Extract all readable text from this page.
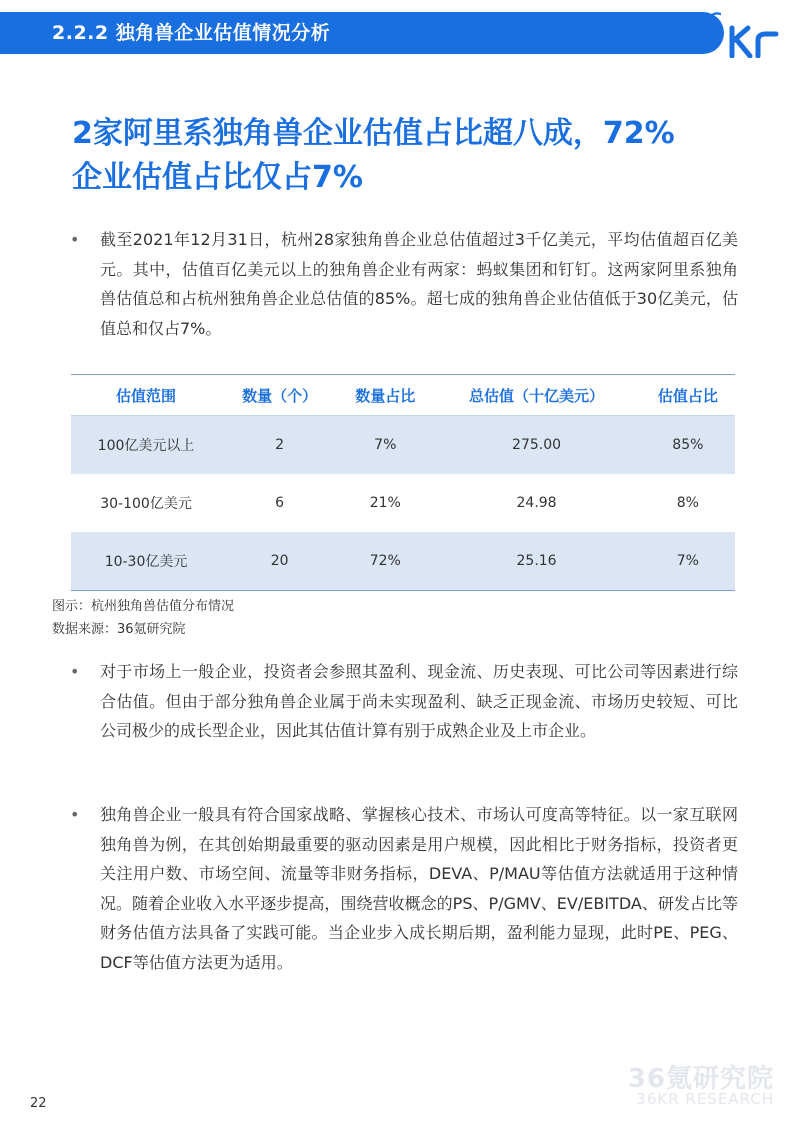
2.2.2 独角兽企业估值情况分析	36
2家阿里系独角兽企业估值占比超八成，72%
企业估值占比仅占7%
• 截至2021年12月31日，杭州28家独角兽企业总估值超过3千亿美元，平均估值超百亿美元。其中，估值百亿美元以上的独角兽企业有两家：蚂蚁集团和钉钉。这两家阿里系独角兽估值总和占杭州独角兽企业总估值的85%。超七成的独角兽企业估值低于30亿美元，估值总和仅占7%。
估值范围	数量（个）	数量占比	总估值（十亿美元）	估值占比
100亿美元以上	2	7%	275.00	85%
30-100亿美元	6	21%	24.98	8%
10-30亿美元	20	72%	25.16	7%
图示：杭州独角兽估值分布情况
数据来源：36氪研究院
• 对于市场上一般企业，投资者会参照其盈利、现金流、历史表现、可比公司等因素进行综合估值。但由于部分独角兽企业属于尚未实现盈利、缺乏正现金流、市场历史较短、可比公司极少的成长型企业，因此其估值计算有别于成熟企业及上市企业。
• 独角兽企业一般具有符合国家战略、掌握核心技术、市场认可度高等特征。以一家互联网独角兽为例，在其创始期最重要的驱动因素是用户规模，因此相比于财务指标，投资者更关注用户数、市场空间、流量等非财务指标，DEVA、P/MAU等估值方法就适用于这种情况。随着企业收入水平逐步提高，围绕营收概念的PS、P/GMV、EV/EBITDA、研发占比等财务估值方法具备了实践可能。当企业步入成长期后期，盈利能力显现，此时PE、PEG、DCF等估值方法更为适用。
36氪研究院
36KR RESEARCH
22
